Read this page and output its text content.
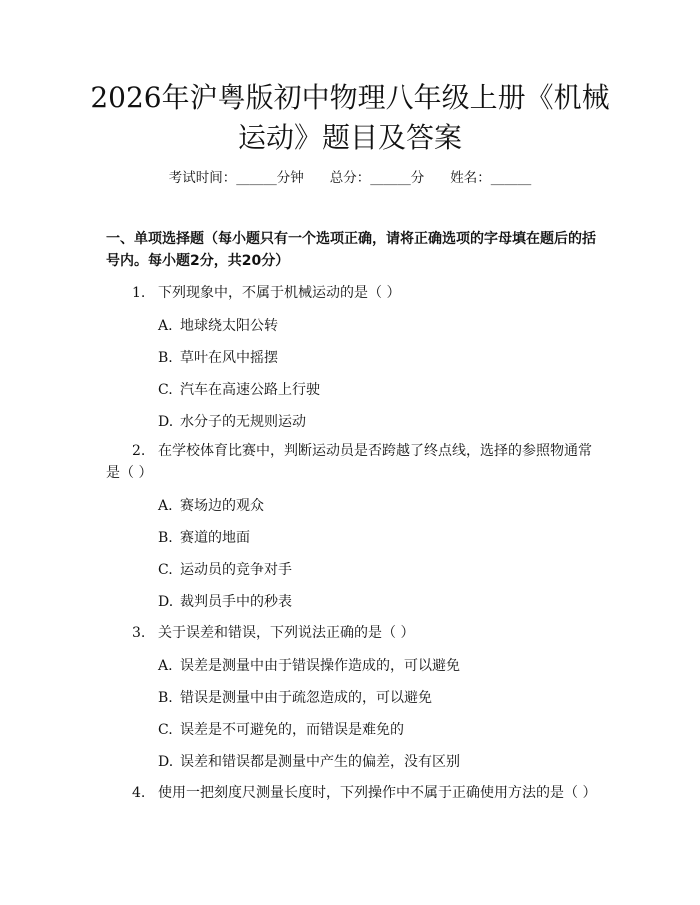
2026年沪粤版初中物理八年级上册《机械运动》题目及答案
考试时间：______分钟 总分：______分 姓名：______
一、单项选择题（每小题只有一个选项正确，请将正确选项的字母填在题后的括号内。每小题2分，共20分）
1. 下列现象中，不属于机械运动的是（ ）
A. 地球绕太阳公转
B. 草叶在风中摇摆
C. 汽车在高速公路上行驶
D. 水分子的无规则运动
2. 在学校体育比赛中，判断运动员是否跨越了终点线，选择的参照物通常是（ ）
A. 赛场边的观众
B. 赛道的地面
C. 运动员的竞争对手
D. 裁判员手中的秒表
3. 关于误差和错误，下列说法正确的是（ ）
A. 误差是测量中由于错误操作造成的，可以避免
B. 错误是测量中由于疏忽造成的，可以避免
C. 误差是不可避免的，而错误是难免的
D. 误差和错误都是测量中产生的偏差，没有区别
4. 使用一把刻度尺测量长度时，下列操作中不属于正确使用方法的是（ ）
